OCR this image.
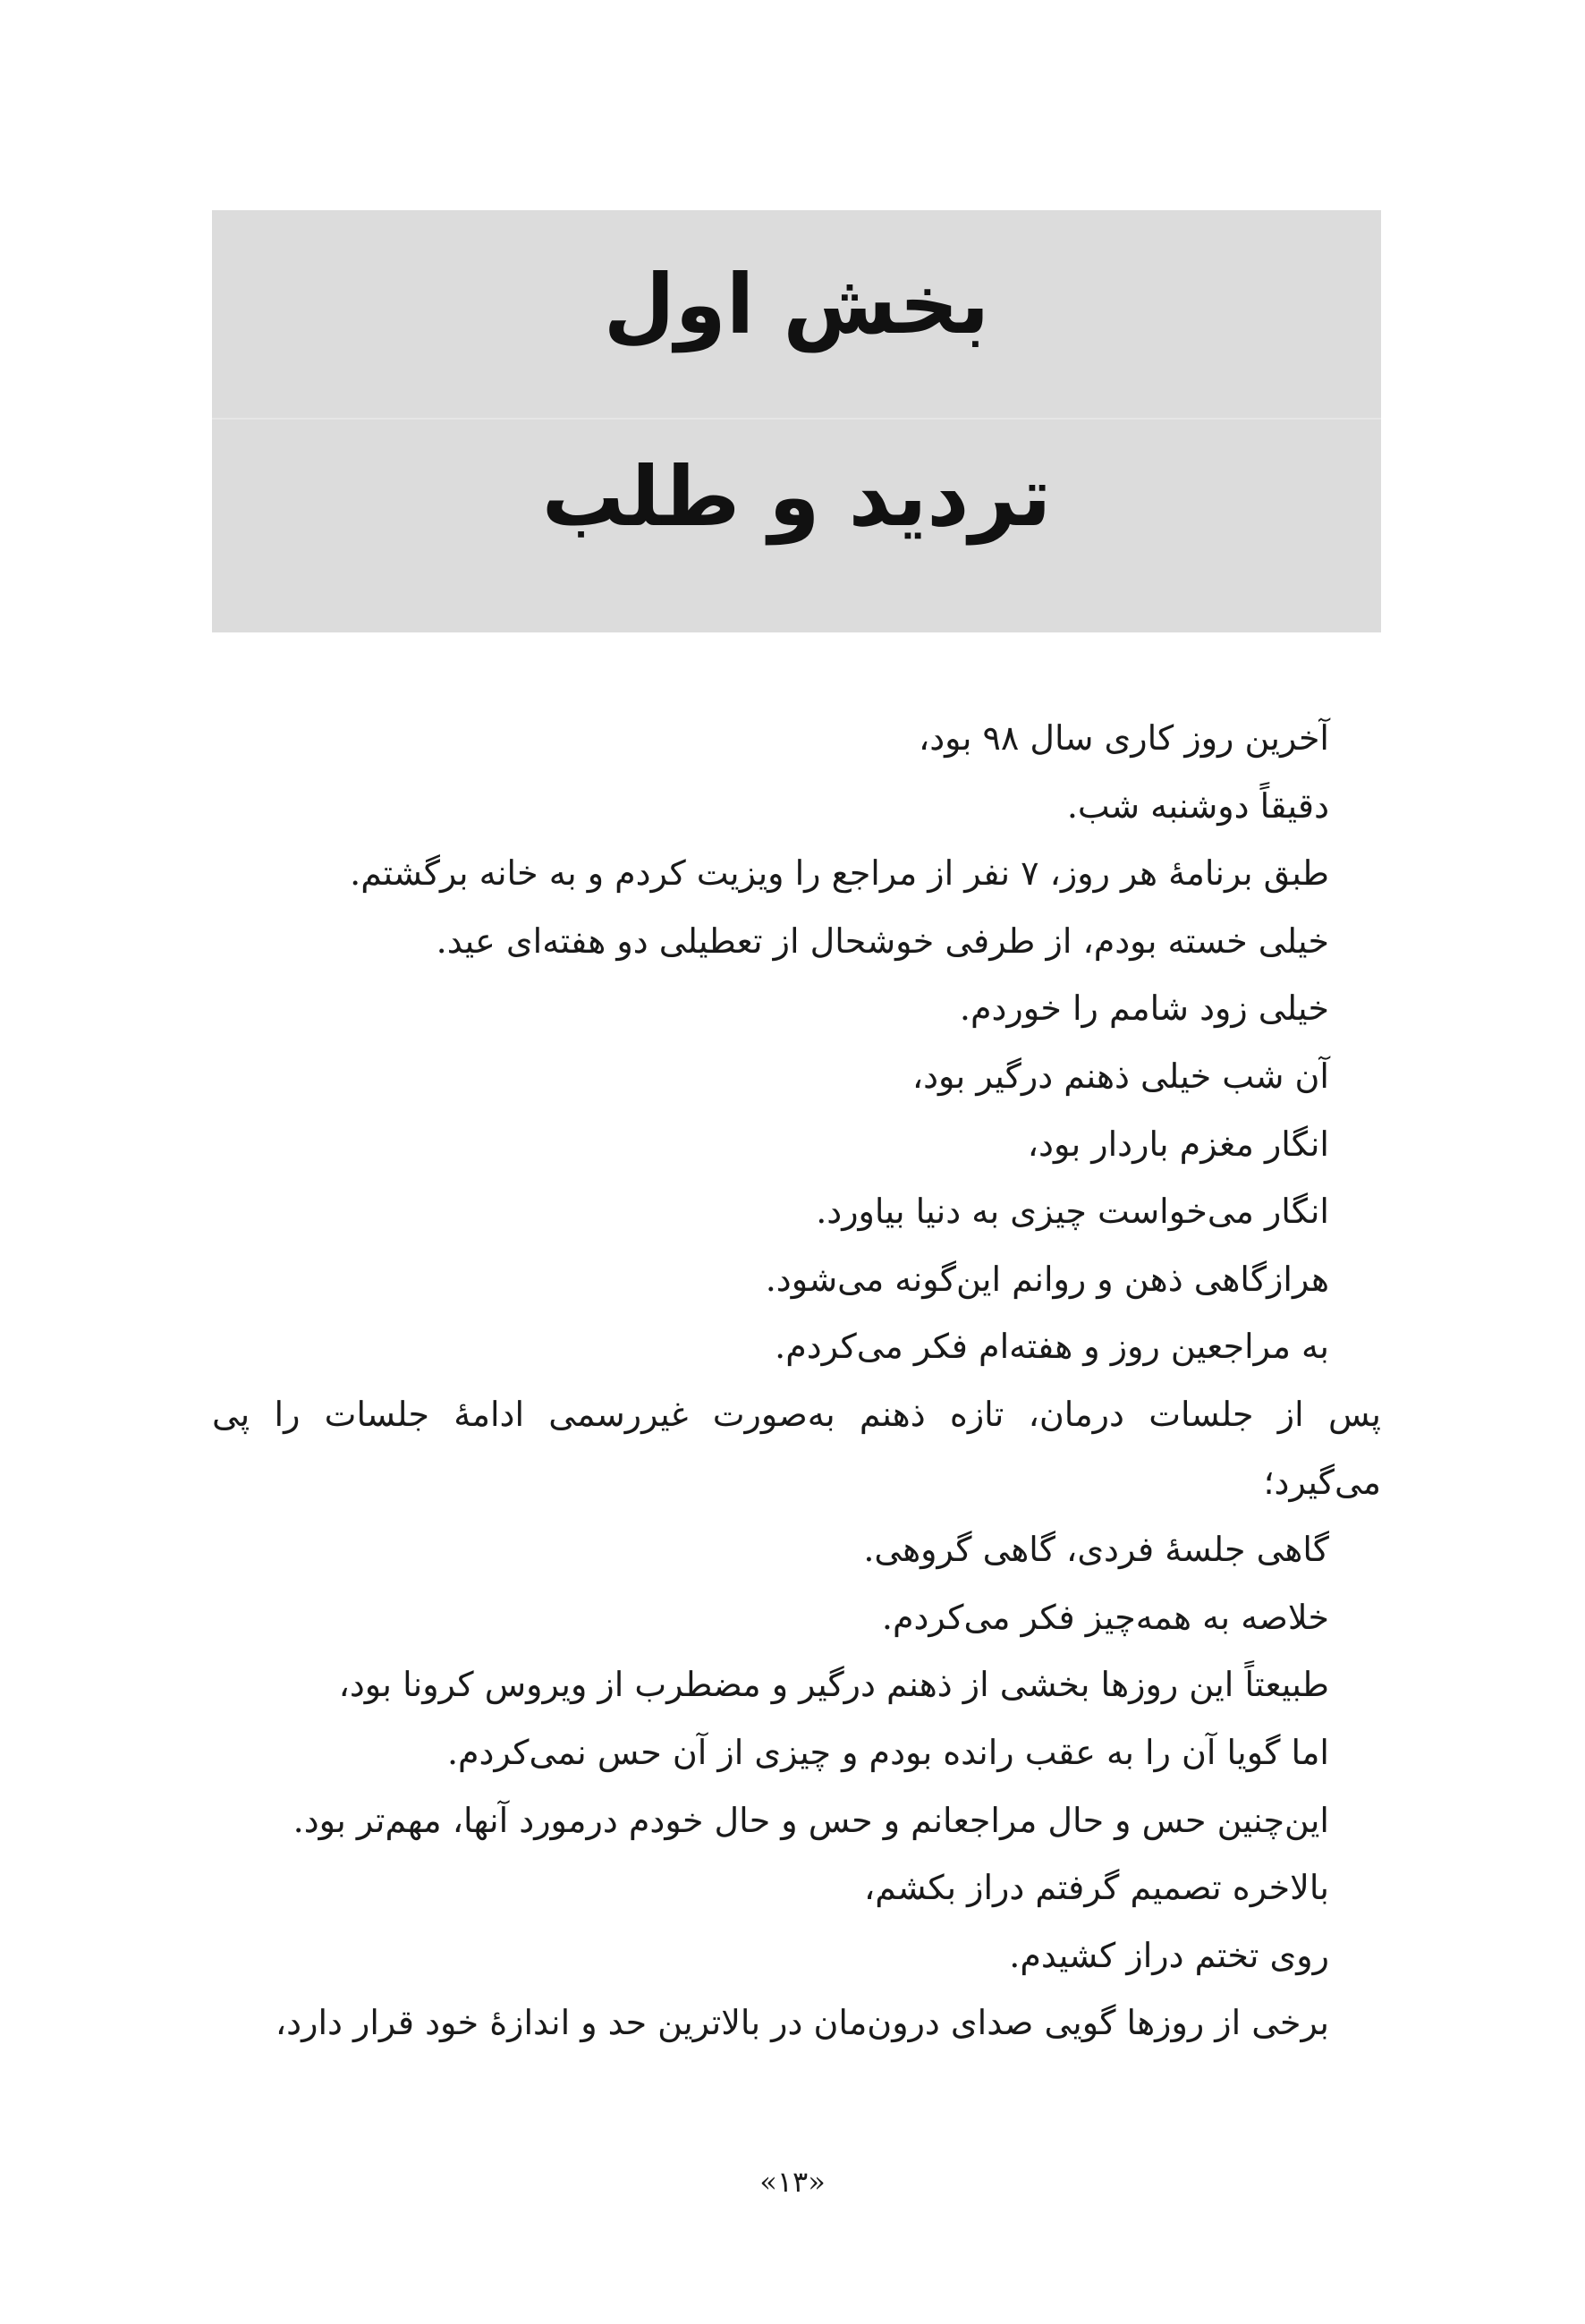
بخش اول
تردید و طلب
آخرین روز کاری سال ۹۸ بود،
دقیقاً دوشنبه شب.
طبق برنامهٔ هر روز، ۷ نفر از مراجع را ویزیت کردم و به خانه برگشتم.
خیلی خسته بودم، از طرفی خوشحال از تعطیلی دو هفته‌ای عید.
خیلی زود شامم را خوردم.
آن شب خیلی ذهنم درگیر بود،
انگار مغزم باردار بود،
انگار می‌خواست چیزی به دنیا بیاورد.
هرازگاهی ذهن و روانم این‌گونه می‌شود.
به مراجعین روز و هفته‌ام فکر می‌کردم.
پس از جلسات درمان، تازه ذهنم به‌صورت غیررسمی ادامهٔ جلسات را پی
می‌گیرد؛
گاهی جلسهٔ فردی، گاهی گروهی.
خلاصه به همه‌چیز فکر می‌کردم.
طبیعتاً این روزها بخشی از ذهنم درگیر و مضطرب از ویروس کرونا بود،
اما گویا آن را به عقب رانده بودم و چیزی از آن حس نمی‌کردم.
این‌چنین حس و حال مراجعانم و حس و حال خودم درمورد آنها، مهم‌تر بود.
بالاخره تصمیم گرفتم دراز بکشم،
روی تختم دراز کشیدم.
برخی از روزها گویی صدای درون‌مان در بالاترین حد و اندازهٔ خود قرار دارد،
«۱۳»
